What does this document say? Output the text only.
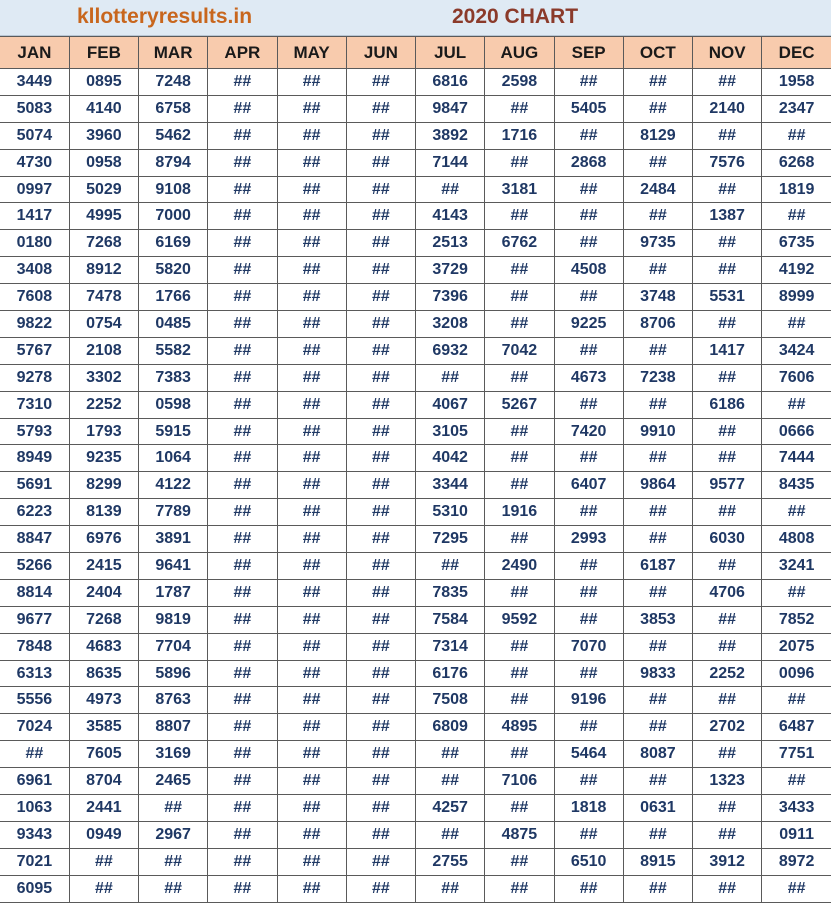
kllotteryresults.in	2020 CHART
JAN	FEB	MAR	APR	MAY	JUN	JUL	AUG	SEP	OCT	NOV	DEC
3449	0895	7248	##	##	##	6816	2598	##	##	##	1958
5083	4140	6758	##	##	##	9847	##	5405	##	2140	2347
5074	3960	5462	##	##	##	3892	1716	##	8129	##	##
4730	0958	8794	##	##	##	7144	##	2868	##	7576	6268
0997	5029	9108	##	##	##	##	3181	##	2484	##	1819
1417	4995	7000	##	##	##	4143	##	##	##	1387	##
0180	7268	6169	##	##	##	2513	6762	##	9735	##	6735
3408	8912	5820	##	##	##	3729	##	4508	##	##	4192
7608	7478	1766	##	##	##	7396	##	##	3748	5531	8999
9822	0754	0485	##	##	##	3208	##	9225	8706	##	##
5767	2108	5582	##	##	##	6932	7042	##	##	1417	3424
9278	3302	7383	##	##	##	##	##	4673	7238	##	7606
7310	2252	0598	##	##	##	4067	5267	##	##	6186	##
5793	1793	5915	##	##	##	3105	##	7420	9910	##	0666
8949	9235	1064	##	##	##	4042	##	##	##	##	7444
5691	8299	4122	##	##	##	3344	##	6407	9864	9577	8435
6223	8139	7789	##	##	##	5310	1916	##	##	##	##
8847	6976	3891	##	##	##	7295	##	2993	##	6030	4808
5266	2415	9641	##	##	##	##	2490	##	6187	##	3241
8814	2404	1787	##	##	##	7835	##	##	##	4706	##
9677	7268	9819	##	##	##	7584	9592	##	3853	##	7852
7848	4683	7704	##	##	##	7314	##	7070	##	##	2075
6313	8635	5896	##	##	##	6176	##	##	9833	2252	0096
5556	4973	8763	##	##	##	7508	##	9196	##	##	##
7024	3585	8807	##	##	##	6809	4895	##	##	2702	6487
##	7605	3169	##	##	##	##	##	5464	8087	##	7751
6961	8704	2465	##	##	##	##	7106	##	##	1323	##
1063	2441	##	##	##	##	4257	##	1818	0631	##	3433
9343	0949	2967	##	##	##	##	4875	##	##	##	0911
7021	##	##	##	##	##	2755	##	6510	8915	3912	8972
6095	##	##	##	##	##	##	##	##	##	##	##
